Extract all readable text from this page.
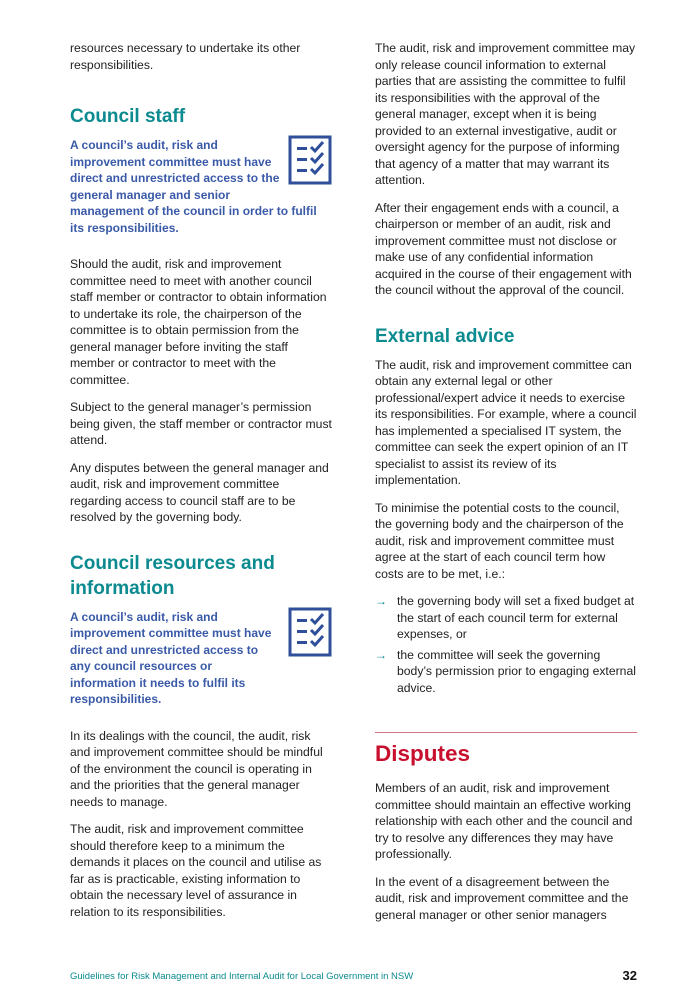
resources necessary to undertake its other responsibilities.

Council staff
A council’s audit, risk and improvement committee must have direct and unrestricted access to the general manager and senior management of the council in order to fulfil its responsibilities.

Should the audit, risk and improvement committee need to meet with another council staff member or contractor to obtain information to undertake its role, the chairperson of the committee is to obtain permission from the general manager before inviting the staff member or contractor to meet with the committee.

Subject to the general manager’s permission being given, the staff member or contractor must attend.

Any disputes between the general manager and audit, risk and improvement committee regarding access to council staff are to be resolved by the governing body.

Council resources and information
A council’s audit, risk and improvement committee must have direct and unrestricted access to any council resources or information it needs to fulfil its responsibilities.

In its dealings with the council, the audit, risk and improvement committee should be mindful of the environment the council is operating in and the priorities that the general manager needs to manage.

The audit, risk and improvement committee should therefore keep to a minimum the demands it places on the council and utilise as far as is practicable, existing information to obtain the necessary level of assurance in relation to its responsibilities.

The audit, risk and improvement committee may only release council information to external parties that are assisting the committee to fulfil its responsibilities with the approval of the general manager, except when it is being provided to an external investigative, audit or oversight agency for the purpose of informing that agency of a matter that may warrant its attention.

After their engagement ends with a council, a chairperson or member of an audit, risk and improvement committee must not disclose or make use of any confidential information acquired in the course of their engagement with the council without the approval of the council.

External advice

The audit, risk and improvement committee can obtain any external legal or other professional/expert advice it needs to exercise its responsibilities. For example, where a council has implemented a specialised IT system, the committee can seek the expert opinion of an IT specialist to assist its review of its implementation.

To minimise the potential costs to the council, the governing body and the chairperson of the audit, risk and improvement committee must agree at the start of each council term how costs are to be met, i.e.:

→ the governing body will set a fixed budget at the start of each council term for external expenses, or
→ the committee will seek the governing body’s permission prior to engaging external advice.
Disputes

Members of an audit, risk and improvement committee should maintain an effective working relationship with each other and the council and try to resolve any differences they may have professionally.

In the event of a disagreement between the audit, risk and improvement committee and the general manager or other senior managers

Guidelines for Risk Management and Internal Audit for Local Government in NSW	32
